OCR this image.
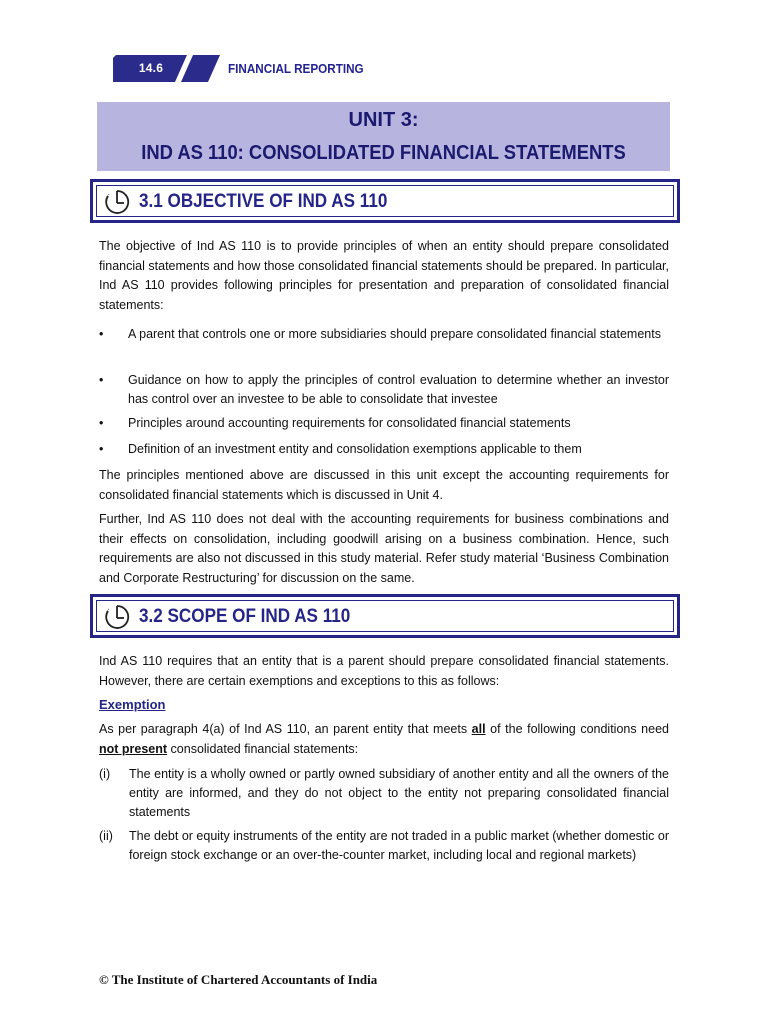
14.6	FINANCIAL REPORTING
UNIT 3:
IND AS 110: CONSOLIDATED FINANCIAL STATEMENTS
3.1 OBJECTIVE OF IND AS 110
The objective of Ind AS 110 is to provide principles of when an entity should prepare consolidated financial statements and how those consolidated financial statements should be prepared. In particular, Ind AS 110 provides following principles for presentation and preparation of consolidated financial statements:
•	A parent that controls one or more subsidiaries should prepare consolidated financial statements
•	Guidance on how to apply the principles of control evaluation to determine whether an investor has control over an investee to be able to consolidate that investee
•	Principles around accounting requirements for consolidated financial statements
•	Definition of an investment entity and consolidation exemptions applicable to them
The principles mentioned above are discussed in this unit except the accounting requirements for consolidated financial statements which is discussed in Unit 4.
Further, Ind AS 110 does not deal with the accounting requirements for business combinations and their effects on consolidation, including goodwill arising on a business combination. Hence, such requirements are also not discussed in this study material. Refer study material ‘Business Combination and Corporate Restructuring’ for discussion on the same.
3.2 SCOPE OF IND AS 110
Ind AS 110 requires that an entity that is a parent should prepare consolidated financial statements. However, there are certain exemptions and exceptions to this as follows:
Exemption
As per paragraph 4(a) of Ind AS 110, an parent entity that meets all of the following conditions need not present consolidated financial statements:
(i) The entity is a wholly owned or partly owned subsidiary of another entity and all the owners of the entity are informed, and they do not object to the entity not preparing consolidated financial statements
(ii) The debt or equity instruments of the entity are not traded in a public market (whether domestic or foreign stock exchange or an over-the-counter market, including local and regional markets)
© The Institute of Chartered Accountants of India
